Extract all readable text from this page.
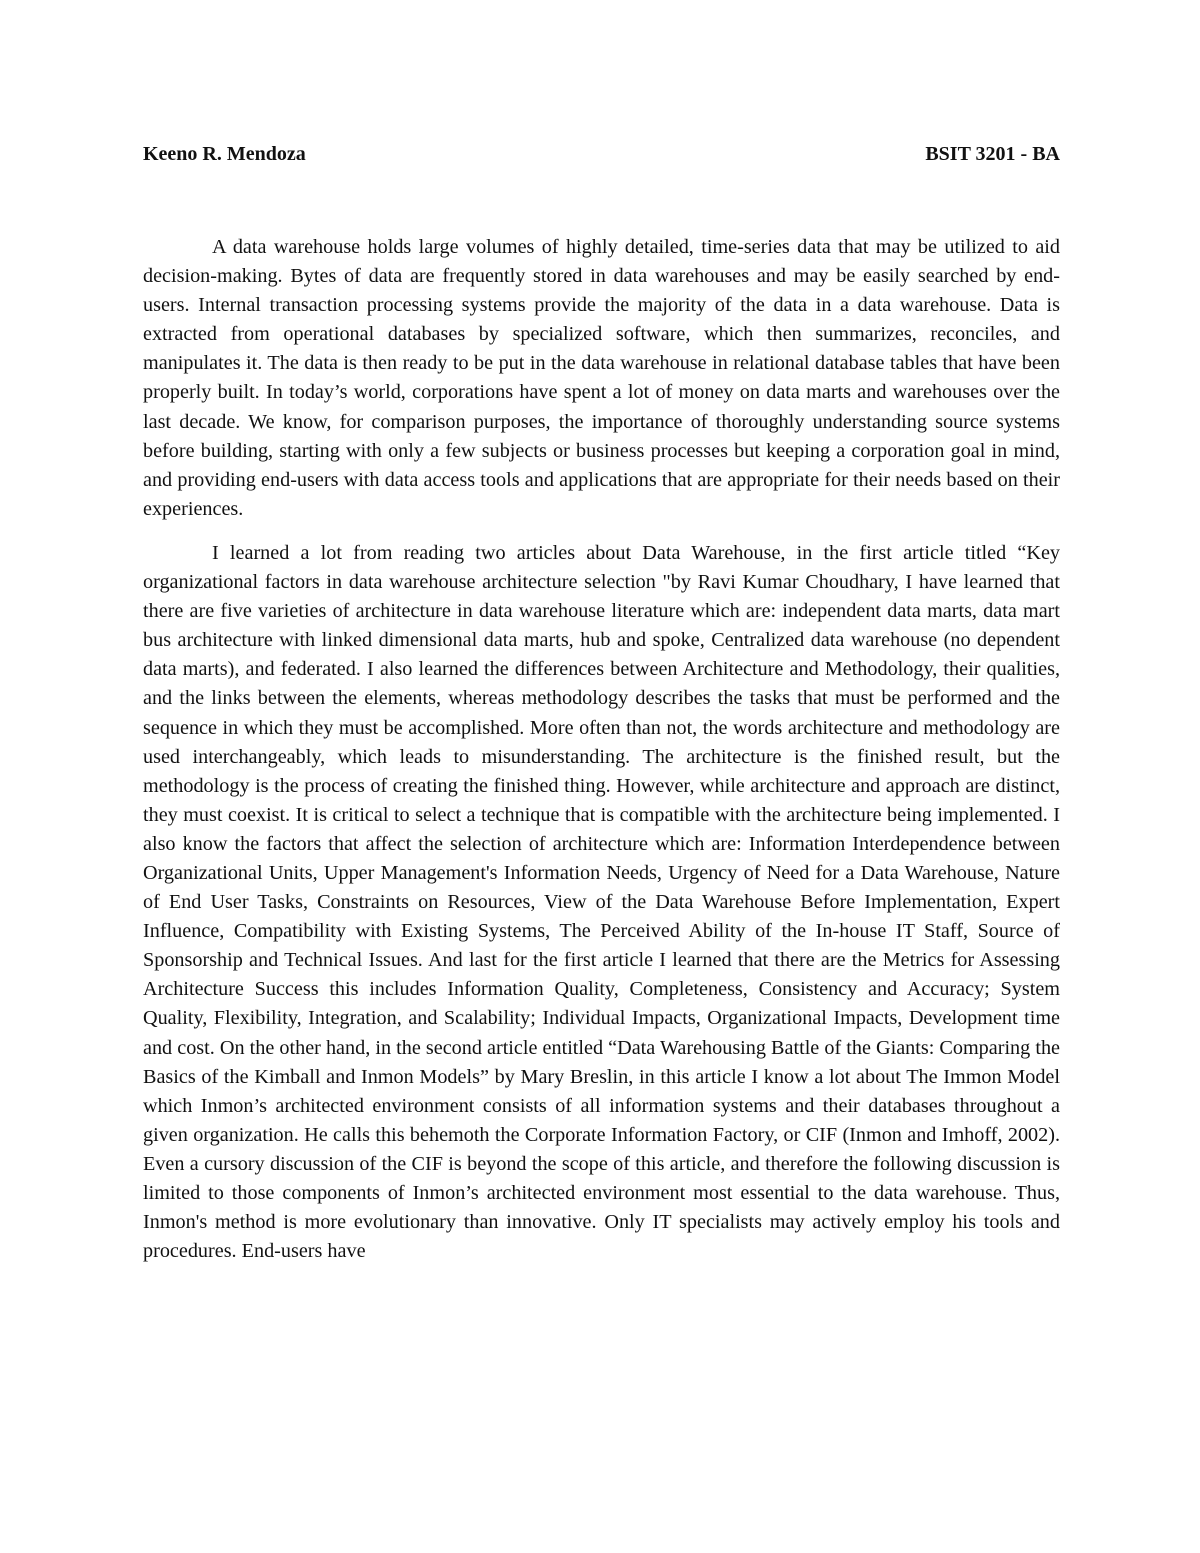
Keeno R. Mendoza	BSIT 3201 - BA

A data warehouse holds large volumes of highly detailed, time-series data that may be utilized to aid decision-making. Bytes of data are frequently stored in data warehouses and may be easily searched by end-users. Internal transaction processing systems provide the majority of the data in a data warehouse. Data is extracted from operational databases by specialized software, which then summarizes, reconciles, and manipulates it. The data is then ready to be put in the data warehouse in relational database tables that have been properly built. In today’s world, corporations have spent a lot of money on data marts and warehouses over the last decade. We know, for comparison purposes, the importance of thoroughly understanding source systems before building, starting with only a few subjects or business processes but keeping a corporation goal in mind, and providing end-users with data access tools and applications that are appropriate for their needs based on their experiences.

I learned a lot from reading two articles about Data Warehouse, in the first article titled “Key organizational factors in data warehouse architecture selection "by Ravi Kumar Choudhary, I have learned that there are five varieties of architecture in data warehouse literature which are: independent data marts, data mart bus architecture with linked dimensional data marts, hub and spoke, Centralized data warehouse (no dependent data marts), and federated. I also learned the differences between Architecture and Methodology, their qualities, and the links between the elements, whereas methodology describes the tasks that must be performed and the sequence in which they must be accomplished. More often than not, the words architecture and methodology are used interchangeably, which leads to misunderstanding. The architecture is the finished result, but the methodology is the process of creating the finished thing. However, while architecture and approach are distinct, they must coexist. It is critical to select a technique that is compatible with the architecture being implemented. I also know the factors that affect the selection of architecture which are: Information Interdependence between Organizational Units, Upper Management's Information Needs, Urgency of Need for a Data Warehouse, Nature of End User Tasks, Constraints on Resources, View of the Data Warehouse Before Implementation, Expert Influence, Compatibility with Existing Systems, The Perceived Ability of the In-house IT Staff, Source of Sponsorship and Technical Issues. And last for the first article I learned that there are the Metrics for Assessing Architecture Success this includes Information Quality, Completeness, Consistency and Accuracy; System Quality, Flexibility, Integration, and Scalability; Individual Impacts, Organizational Impacts, Development time and cost. On the other hand, in the second article entitled “Data Warehousing Battle of the Giants: Comparing the Basics of the Kimball and Inmon Models” by Mary Breslin, in this article I know a lot about The Immon Model which Inmon’s architected environment consists of all information systems and their databases throughout a given organization. He calls this behemoth the Corporate Information Factory, or CIF (Inmon and Imhoff, 2002). Even a cursory discussion of the CIF is beyond the scope of this article, and therefore the following discussion is limited to those components of Inmon’s architected environment most essential to the data warehouse. Thus, Inmon's method is more evolutionary than innovative. Only IT specialists may actively employ his tools and procedures. End-users have
